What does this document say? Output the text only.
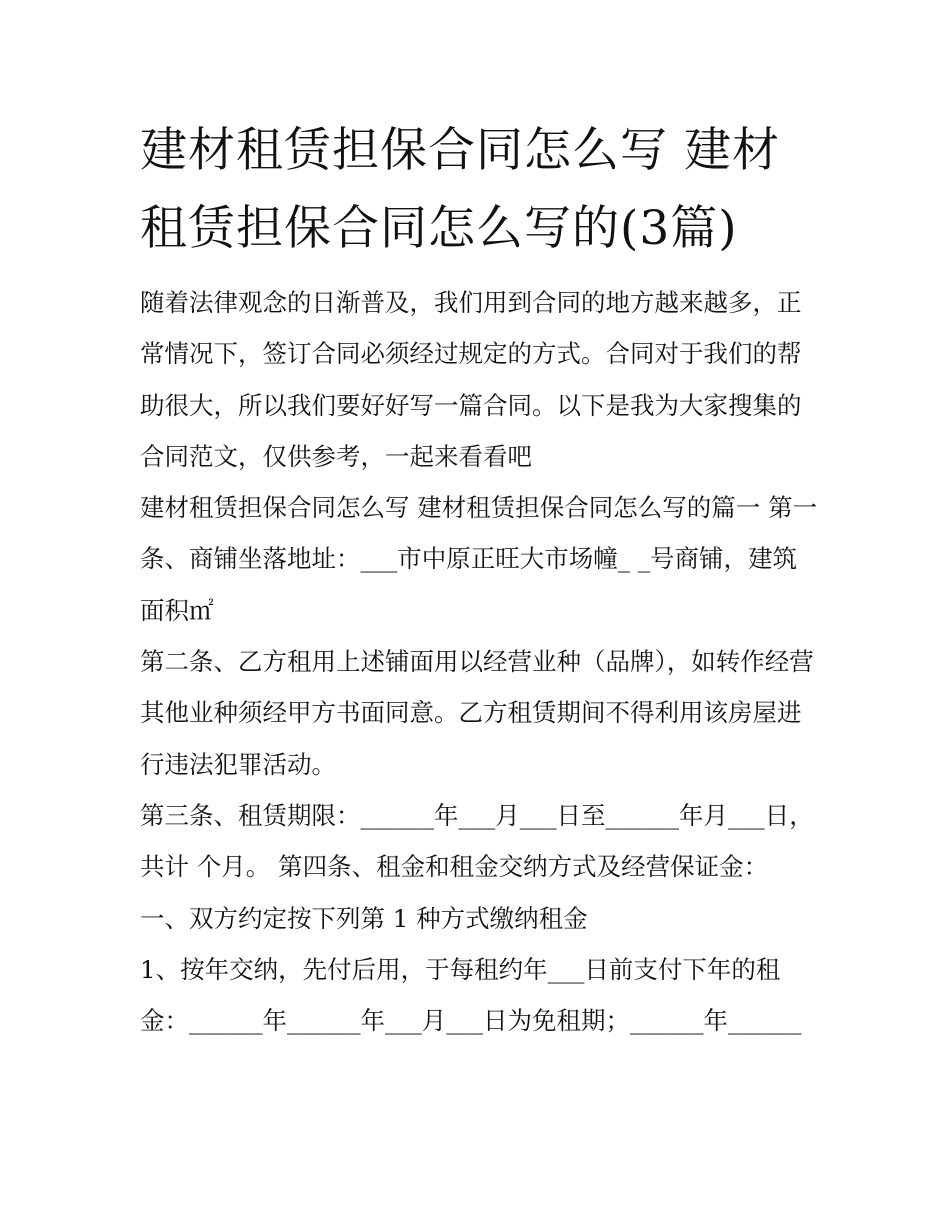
建材租赁担保合同怎么写 建材租赁担保合同怎么写的(3篇)

随着法律观念的日渐普及，我们用到合同的地方越来越多，正常情况下，签订合同必须经过规定的方式。合同对于我们的帮助很大，所以我们要好好写一篇合同。以下是我为大家搜集的合同范文，仅供参考，一起来看看吧

建材租赁担保合同怎么写 建材租赁担保合同怎么写的篇一 第一条、商铺坐落地址：___市中原正旺大市场幢_ _号商铺，建筑面积㎡

第二条、乙方租用上述铺面用以经营业种（品牌），如转作经营其他业种须经甲方书面同意。乙方租赁期间不得利用该房屋进行违法犯罪活动。

第三条、租赁期限：______年___月___日至______年月___日，共计 个月。 第四条、租金和租金交纳方式及经营保证金：

一、双方约定按下列第 1 种方式缴纳租金

1、按年交纳，先付后用，于每租约年___日前支付下年的租金：______年______年___月___日为免租期；______年______
